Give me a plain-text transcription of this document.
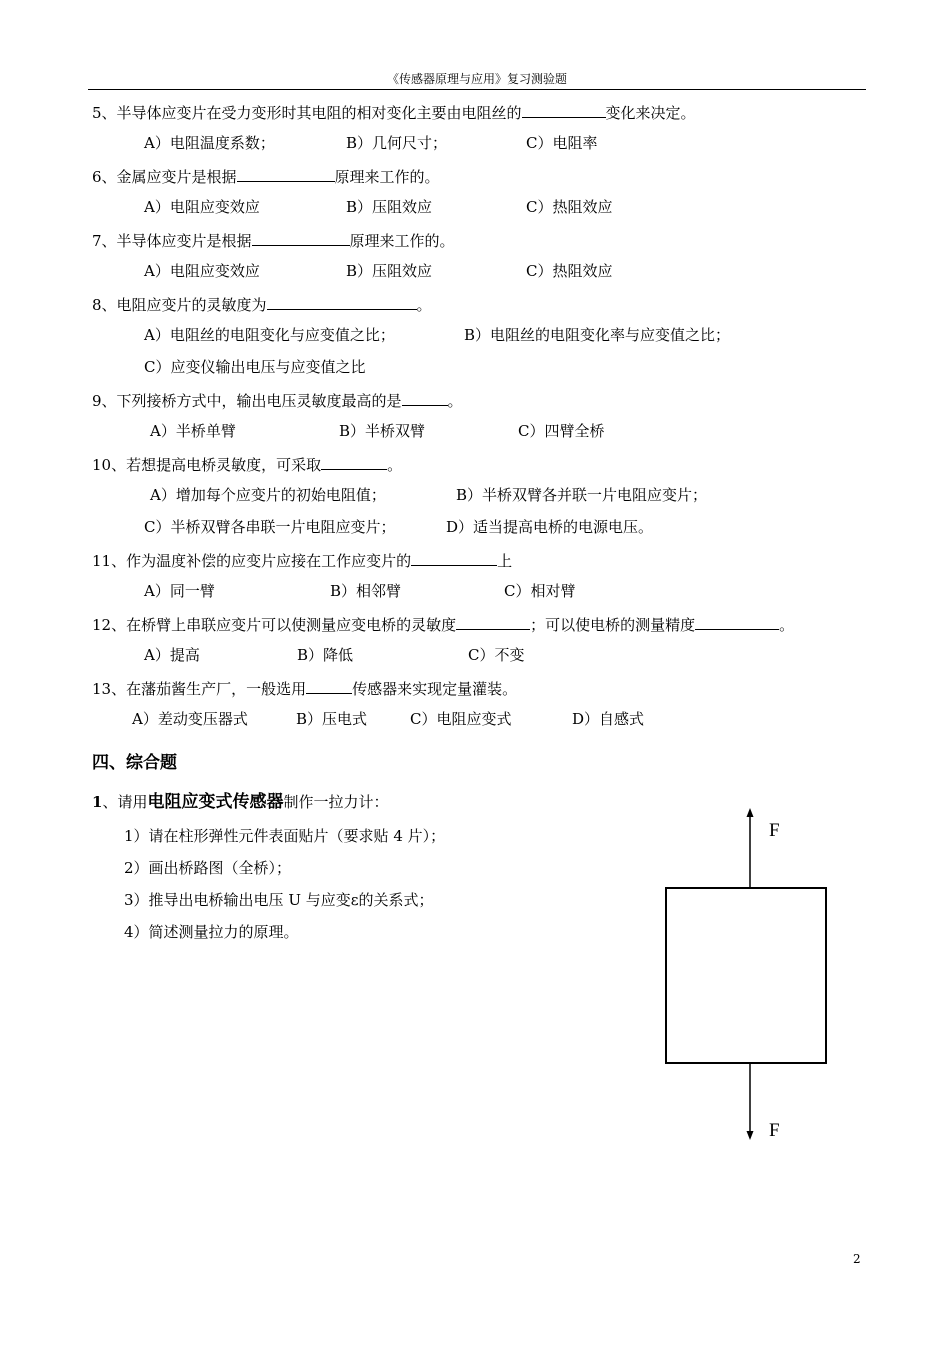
《传感器原理与应用》复习测验题
5、半导体应变片在受力变形时其电阻的相对变化主要由电阻丝的	变化来决定。
A）电阻温度系数；	B）几何尺寸；	C）电阻率
6、金属应变片是根据	原理来工作的。
A）电阻应变效应	B）压阻效应	C）热阻效应
7、半导体应变片是根据	原理来工作的。
A）电阻应变效应	B）压阻效应	C）热阻效应
8、电阻应变片的灵敏度为	。
A）电阻丝的电阻变化与应变值之比；	B）电阻丝的电阻变化率与应变值之比；
C）应变仪输出电压与应变值之比
9、下列接桥方式中，输出电压灵敏度最高的是	。
A）半桥单臂	B）半桥双臂	C）四臂全桥
10、若想提高电桥灵敏度，可采取	。
A）增加每个应变片的初始电阻值；	B）半桥双臂各并联一片电阻应变片；
C）半桥双臂各串联一片电阻应变片；	D）适当提高电桥的电源电压。
11、作为温度补偿的应变片应接在工作应变片的	上
A）同一臂	B）相邻臂	C）相对臂
12、在桥臂上串联应变片可以使测量应变电桥的灵敏度	；可以使电桥的测量精度	。
A）提高	B）降低	C）不变
13、在藩茄酱生产厂，一般选用	传感器来实现定量灌装。
A）差动变压器式	B）压电式	C）电阻应变式	D）自感式
四、综合题
1、请用电阻应变式传感器制作一拉力计：
1）请在柱形弹性元件表面贴片（要求贴 4 片）；
2）画出桥路图（全桥）；
3）推导出电桥输出电压 U 与应变ε的关系式；
4）简述测量拉力的原理。
F
F
2
